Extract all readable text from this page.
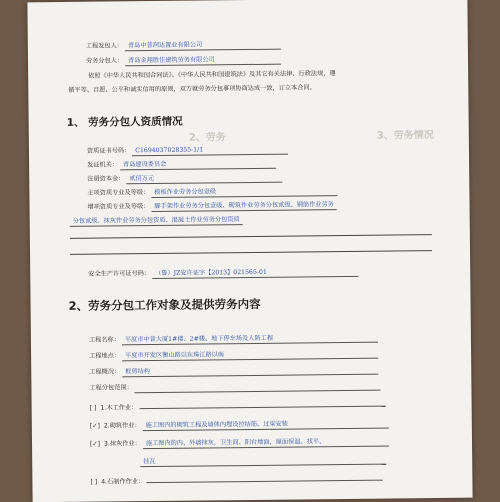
工程发包人： 青岛中普润达置业有限公司
劳务分包人： 青岛金翔胜佳建筑劳务有限公司
依照《中华人民共和国合同法》、《中华人民共和国建筑法》及其它有关法律、行政法规，遵
循平等、自愿、公平和诚实信用的原则，双方就劳务分包事项协商达成一致，订立本合同。
1、 劳务分包人资质情况
2、劳务	3、劳务情况
资质证书号码： C1694037028355-1/1
发证机关： 青岛建设委员会
注册资本金： 贰佰万元
主项资质专业及等级： 模板作业劳务分包壹级
增项资质专业及等级： 脚手架作业劳务分包壹级、砌筑作业劳务分包贰级、钢筋作业劳务
分包贰级、抹灰作业劳务分包资质、混凝土作业劳务分包资质
安全生产许可证号码： （鲁）JZ安许证字【2013】021565-01
2、劳务分包工作对象及提供劳务内容
工程名称： 平度市中普大厦1#楼、2#楼、地下停车场及人防工程
工程地点： 平度市开发区衡山路以东珠江路以南
工程概况： 框剪结构
工程分包范围：
[ ] 1.木工作业：
[✓] 2.砌筑作业： 施工图内的砌筑工程及墙体内埋设拉结筋、过梁安装
[✓] 3.抹灰作业： 施工图内的内、外墙抹灰，卫生间、阳台地面，屋面保温、找平、
挂瓦
[ ] 4.石制作作业：
